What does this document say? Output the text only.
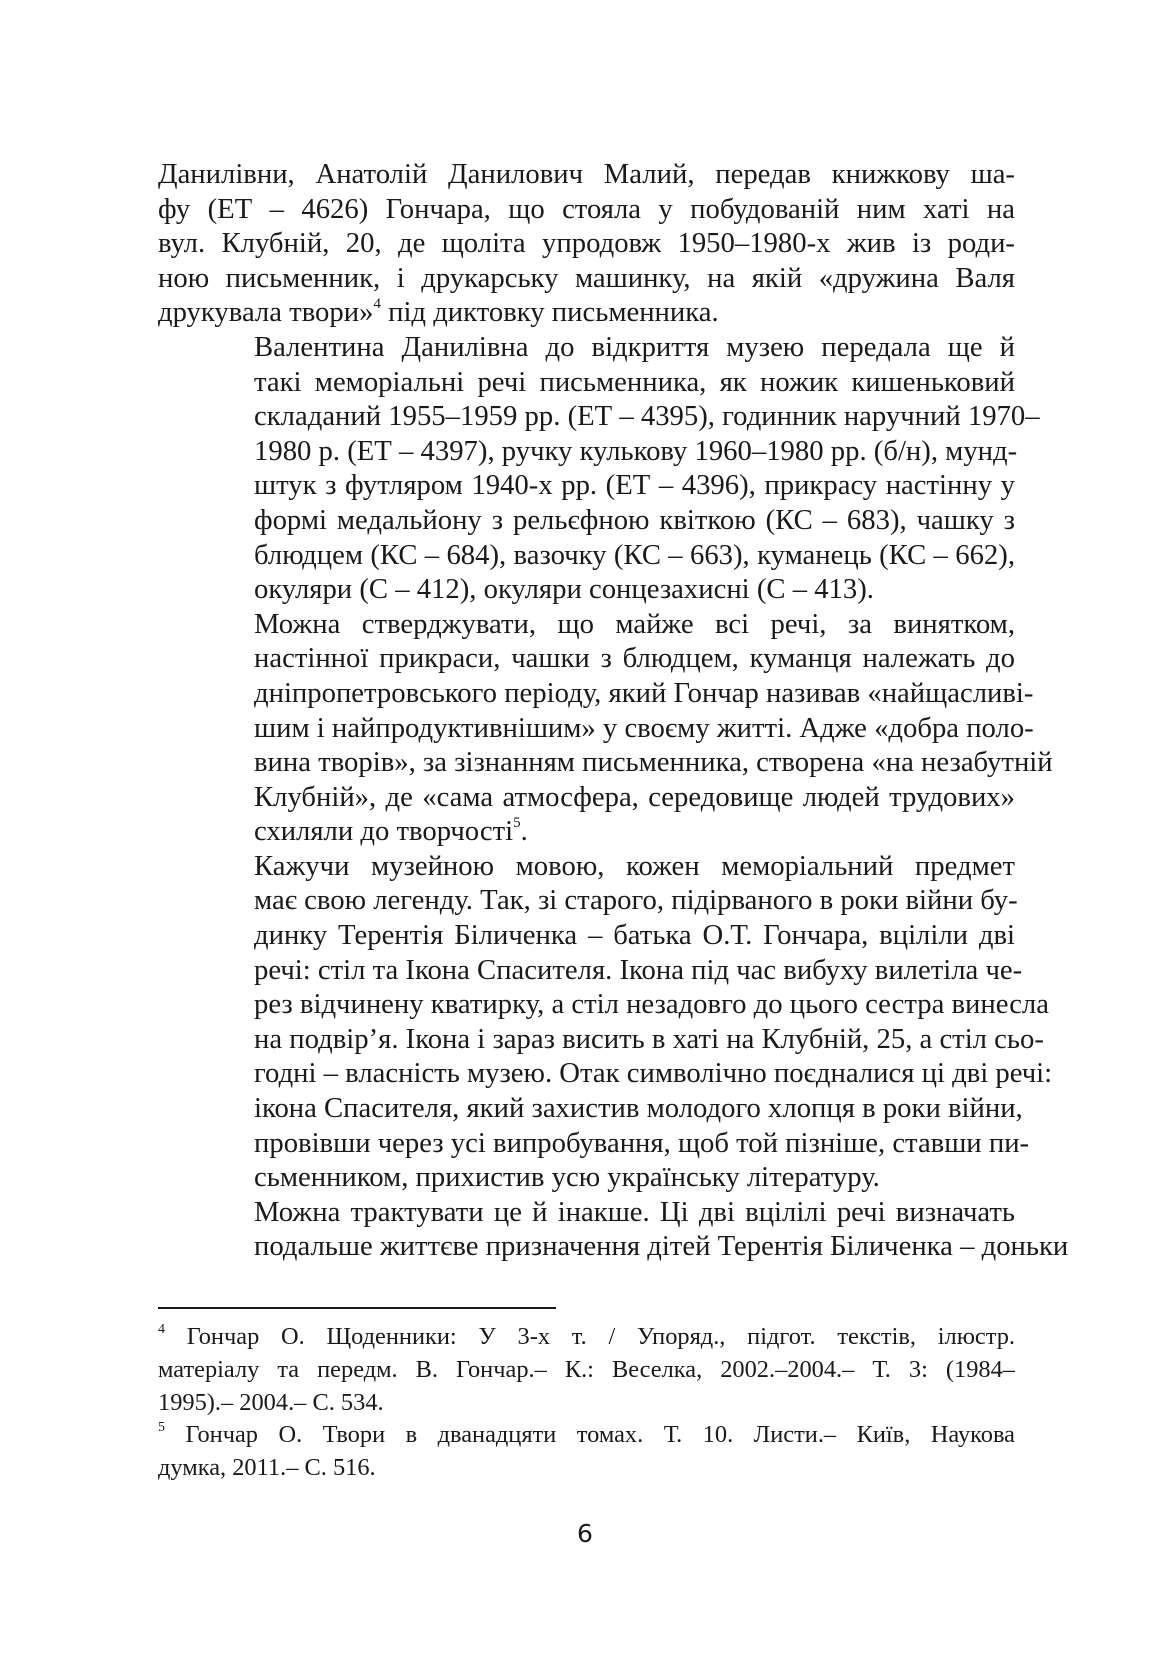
Данилівни, Анатолій Данилович Малий, передав книжкову ша-
фу (ЕТ – 4626) Гончара, що стояла у побудованій ним хаті на
вул. Клубній, 20, де щоліта упродовж 1950–1980-х жив із роди-
ною письменник, і друкарську машинку, на якій «дружина Валя
друкувала твори»$^4$ під диктовку письменника.

Валентина Данилівна до відкриття музею передала ще й
такі меморіальні речі письменника, як ножик кишеньковий
складаний 1955–1959 рр. (ЕТ – 4395), годинник наручний 1970–
1980 р. (ЕТ – 4397), ручку кулькову 1960–1980 рр. (б/н), мунд-
штук з футляром 1940-х рр. (ЕТ – 4396), прикрасу настінну у
формі медальйону з рельєфною квіткою (КС – 683), чашку з
блюдцем (КС – 684), вазочку (КС – 663), куманець (КС – 662),
окуляри (С – 412), окуляри сонцезахисні (С – 413).

Можна стверджувати, що майже всі речі, за винятком,
настінної прикраси, чашки з блюдцем, куманця належать до
дніпропетровського періоду, який Гончар називав «найщасливі-
шим і найпродуктивнішим» у своєму житті. Адже «добра поло-
вина творів», за зізнанням письменника, створена «на незабутній
Клубній», де «сама атмосфера, середовище людей трудових»
схиляли до творчості$^5$.

Кажучи музейною мовою, кожен меморіальний предмет
має свою легенду. Так, зі старого, підірваного в роки війни бу-
динку Терентія Біличенка – батька О.Т. Гончара, вціліли дві
речі: стіл та Ікона Спасителя. Ікона під час вибуху вилетіла че-
рез відчинену кватирку, а стіл незадовго до цього сестра винесла
на подвір’я. Ікона і зараз висить в хаті на Клубній, 25, а стіл сьо-
годні – власність музею. Отак символічно поєдналися ці дві речі:
ікона Спасителя, який захистив молодого хлопця в роки війни,
провівши через усі випробування, щоб той пізніше, ставши пи-
сьменником, прихистив усю українську літературу.

Можна трактувати це й інакше. Ці дві вцілілі речі визначать
подальше життєве призначення дітей Терентія Біличенка – доньки

$^4$ Гончар О. Щоденники: У 3-х т. / Упоряд., підгот. текстів, ілюстр.
матеріалу та передм. В. Гончар.– К.: Веселка, 2002.–2004.– Т. 3: (1984–
1995).– 2004.– С. 534.

$^5$ Гончар О. Твори в дванадцяти томах. Т. 10. Листи.– Київ, Наукова
думка, 2011.– С. 516.

6
